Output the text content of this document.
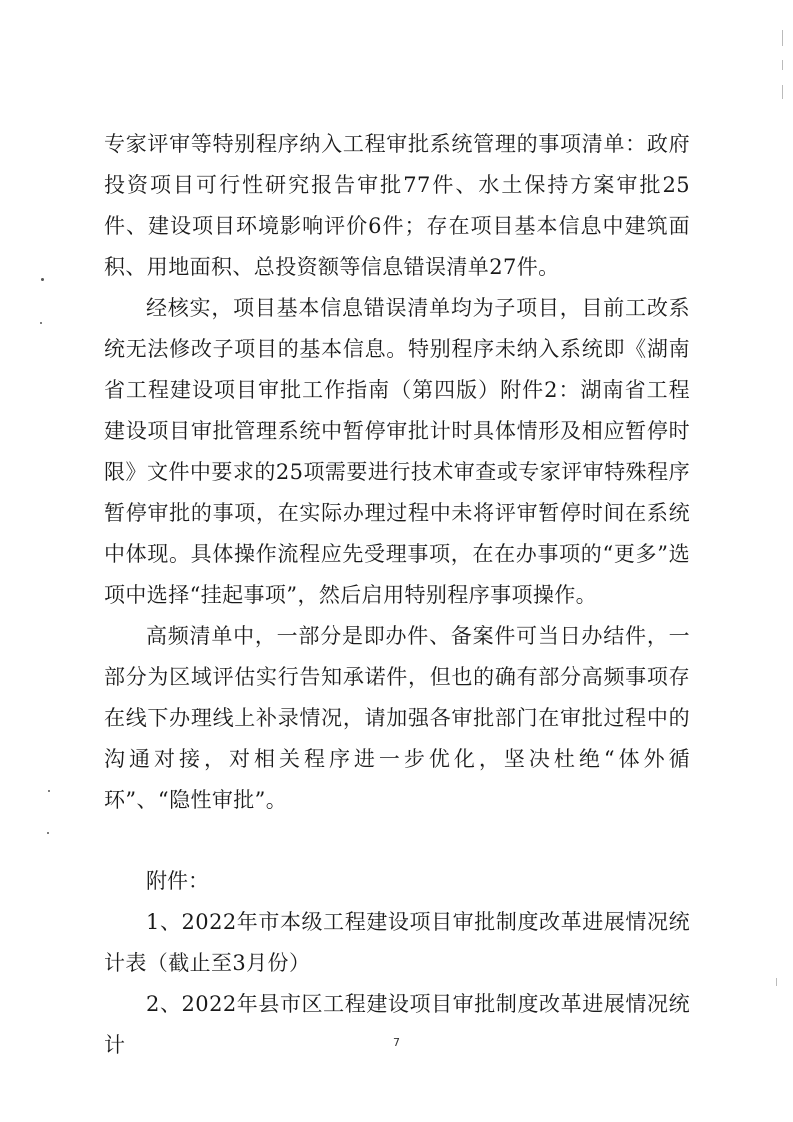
专家评审等特别程序纳入工程审批系统管理的事项清单：政府投资项目可行性研究报告审批77件、水土保持方案审批25件、建设项目环境影响评价6件；存在项目基本信息中建筑面积、用地面积、总投资额等信息错误清单27件。

经核实，项目基本信息错误清单均为子项目，目前工改系统无法修改子项目的基本信息。特别程序未纳入系统即《湖南省工程建设项目审批工作指南（第四版）附件2：湖南省工程建设项目审批管理系统中暂停审批计时具体情形及相应暂停时限》文件中要求的25项需要进行技术审查或专家评审特殊程序暂停审批的事项，在实际办理过程中未将评审暂停时间在系统中体现。具体操作流程应先受理事项，在在办事项的“更多”选项中选择“挂起事项”，然后启用特别程序事项操作。

高频清单中，一部分是即办件、备案件可当日办结件，一部分为区域评估实行告知承诺件，但也的确有部分高频事项存在线下办理线上补录情况，请加强各审批部门在审批过程中的沟通对接，对相关程序进一步优化，坚决杜绝“体外循环”、“隐性审批”。

附件：

1、2022年市本级工程建设项目审批制度改革进展情况统计表（截止至3月份）

2、2022年县市区工程建设项目审批制度改革进展情况统计	7
